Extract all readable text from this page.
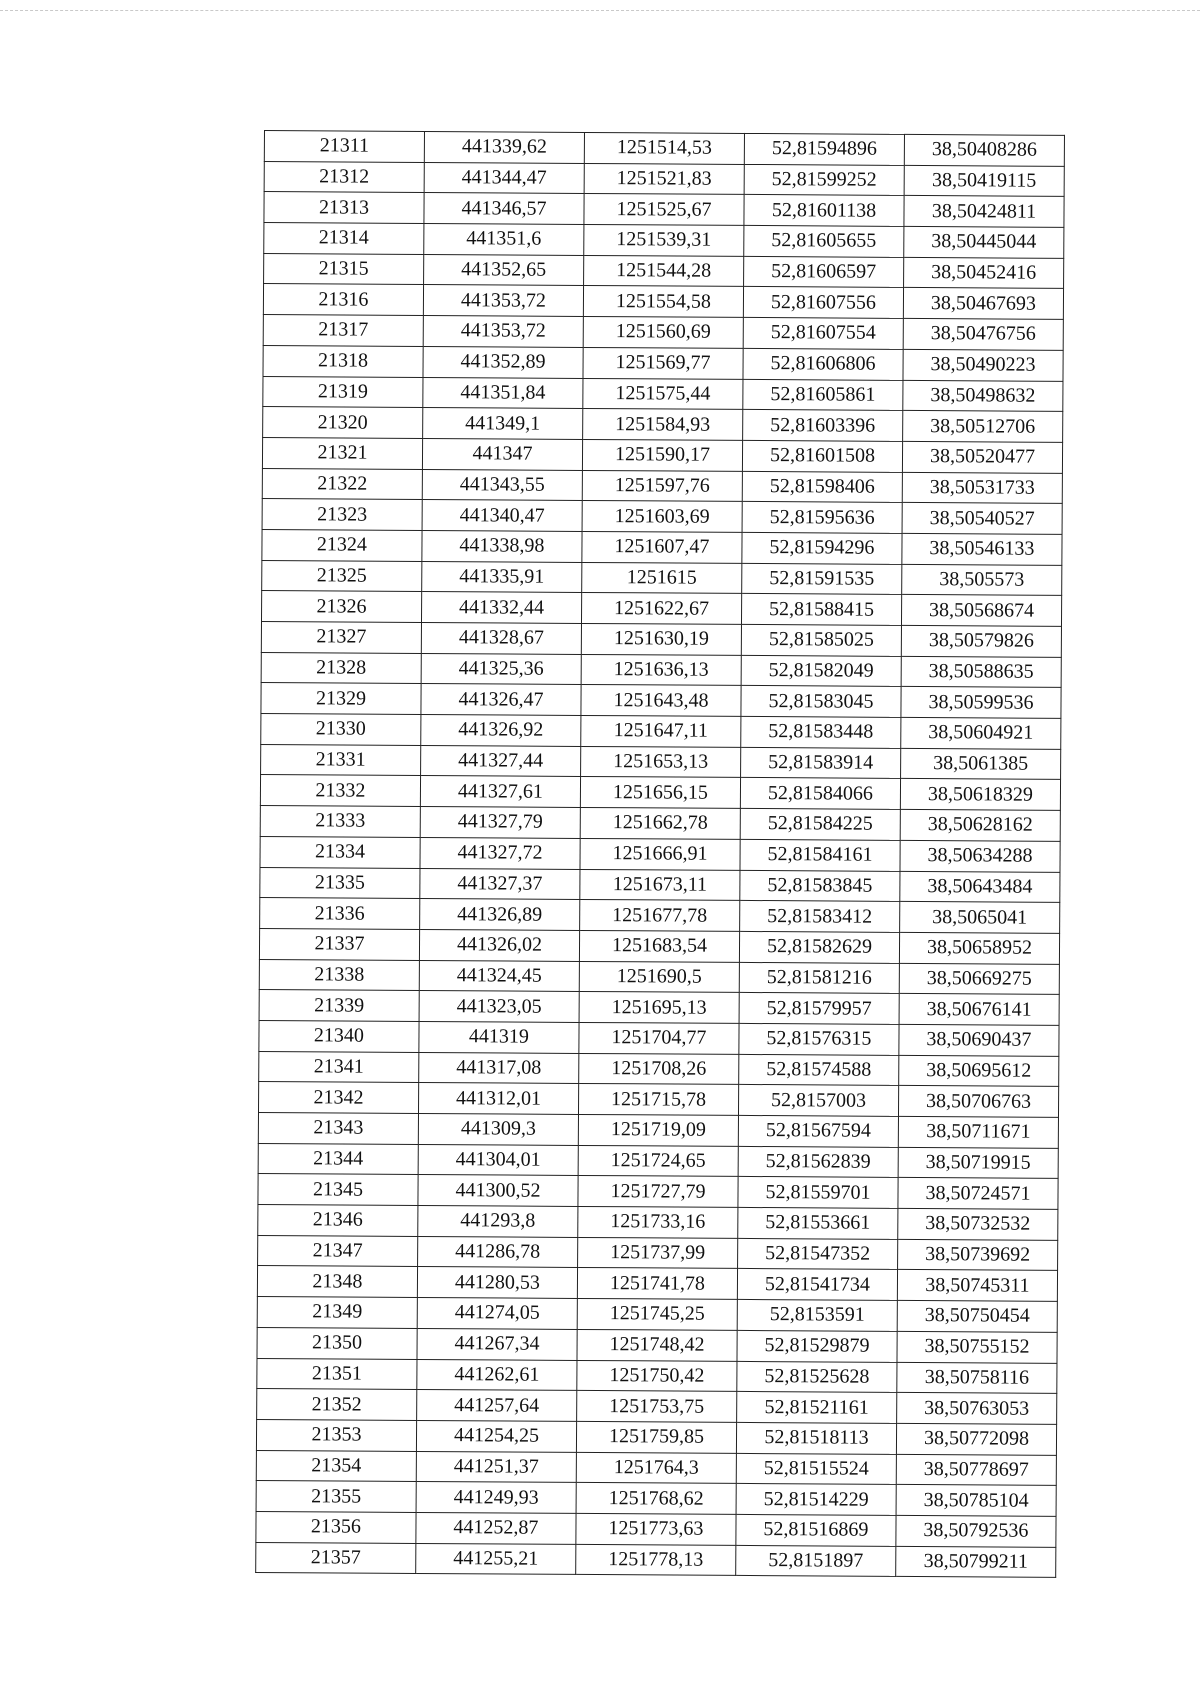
21311	441339,62	1251514,53	52,81594896	38,50408286
21312	441344,47	1251521,83	52,81599252	38,50419115
21313	441346,57	1251525,67	52,81601138	38,50424811
21314	441351,6	1251539,31	52,81605655	38,50445044
21315	441352,65	1251544,28	52,81606597	38,50452416
21316	441353,72	1251554,58	52,81607556	38,50467693
21317	441353,72	1251560,69	52,81607554	38,50476756
21318	441352,89	1251569,77	52,81606806	38,50490223
21319	441351,84	1251575,44	52,81605861	38,50498632
21320	441349,1	1251584,93	52,81603396	38,50512706
21321	441347	1251590,17	52,81601508	38,50520477
21322	441343,55	1251597,76	52,81598406	38,50531733
21323	441340,47	1251603,69	52,81595636	38,50540527
21324	441338,98	1251607,47	52,81594296	38,50546133
21325	441335,91	1251615	52,81591535	38,505573
21326	441332,44	1251622,67	52,81588415	38,50568674
21327	441328,67	1251630,19	52,81585025	38,50579826
21328	441325,36	1251636,13	52,81582049	38,50588635
21329	441326,47	1251643,48	52,81583045	38,50599536
21330	441326,92	1251647,11	52,81583448	38,50604921
21331	441327,44	1251653,13	52,81583914	38,5061385
21332	441327,61	1251656,15	52,81584066	38,50618329
21333	441327,79	1251662,78	52,81584225	38,50628162
21334	441327,72	1251666,91	52,81584161	38,50634288
21335	441327,37	1251673,11	52,81583845	38,50643484
21336	441326,89	1251677,78	52,81583412	38,5065041
21337	441326,02	1251683,54	52,81582629	38,50658952
21338	441324,45	1251690,5	52,81581216	38,50669275
21339	441323,05	1251695,13	52,81579957	38,50676141
21340	441319	1251704,77	52,81576315	38,50690437
21341	441317,08	1251708,26	52,81574588	38,50695612
21342	441312,01	1251715,78	52,8157003	38,50706763
21343	441309,3	1251719,09	52,81567594	38,50711671
21344	441304,01	1251724,65	52,81562839	38,50719915
21345	441300,52	1251727,79	52,81559701	38,50724571
21346	441293,8	1251733,16	52,81553661	38,50732532
21347	441286,78	1251737,99	52,81547352	38,50739692
21348	441280,53	1251741,78	52,81541734	38,50745311
21349	441274,05	1251745,25	52,8153591	38,50750454
21350	441267,34	1251748,42	52,81529879	38,50755152
21351	441262,61	1251750,42	52,81525628	38,50758116
21352	441257,64	1251753,75	52,81521161	38,50763053
21353	441254,25	1251759,85	52,81518113	38,50772098
21354	441251,37	1251764,3	52,81515524	38,50778697
21355	441249,93	1251768,62	52,81514229	38,50785104
21356	441252,87	1251773,63	52,81516869	38,50792536
21357	441255,21	1251778,13	52,8151897	38,50799211
